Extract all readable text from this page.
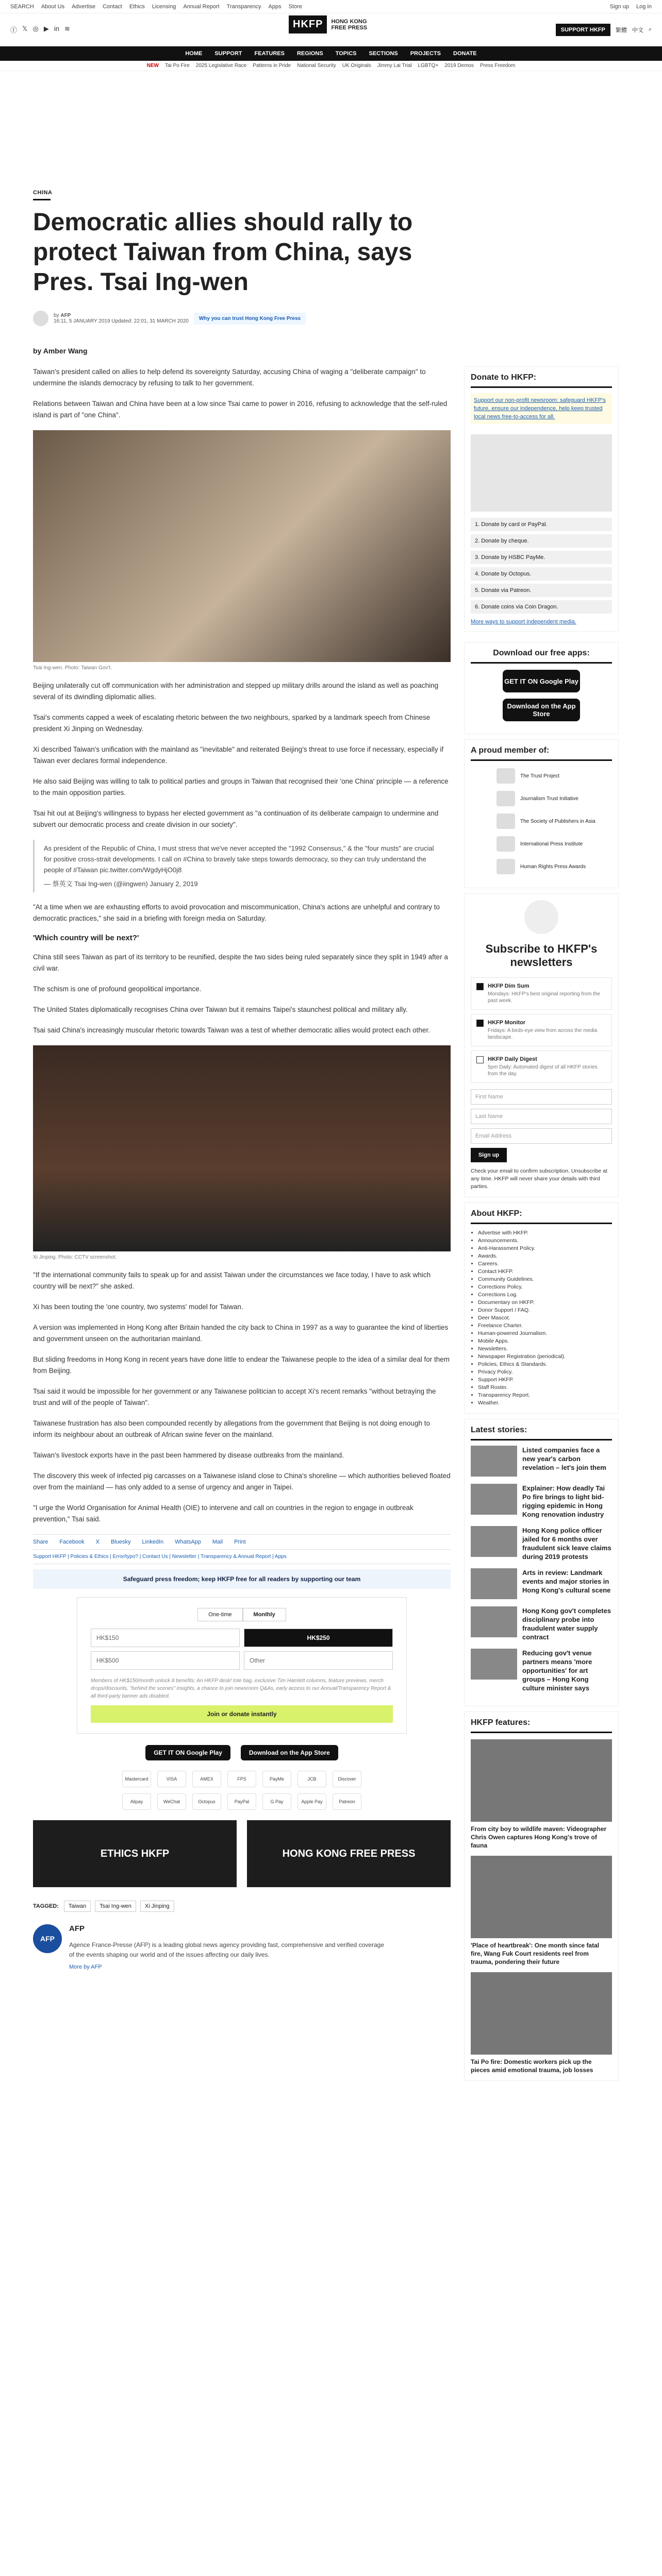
SEARCH About Us Advertise Contact Ethics Licensing Annual Report Transparency Apps Store	Sign up Log in
ⓕ 𝕏 ◎ ▶ in ≋	HKFP	HONG KONG
FREE PRESS	SUPPORT HKFP	繁體 中文 ⌕
HOME SUPPORT FEATURES REGIONS TOPICS SECTIONS PROJECTS DONATE
NEW Tai Po Fire 2025 Legislative Race Patterns in Pride National Security UK Originals Jimmy Lai Trial LGBTQ+ 2019 Demos Press Freedom
CHINA
Democratic allies should rally to protect Taiwan from China, says Pres. Tsai Ing-wen
by AFP
16:11, 5 JANUARY 2019 Updated: 22:01, 31 MARCH 2020	Why you can trust Hong Kong Free Press
by Amber Wang

Taiwan's president called on allies to help defend its sovereignty Saturday, accusing China of waging a "deliberate campaign" to undermine the islands democracy by refusing to talk to her government.

Relations between Taiwan and China have been at a low since Tsai came to power in 2016, refusing to acknowledge that the self-ruled island is part of "one China".

Tsai Ing-wen. Photo: Taiwan Gov't.

Beijing unilaterally cut off communication with her administration and stepped up military drills around the island as well as poaching several of its dwindling diplomatic allies.

Tsai's comments capped a week of escalating rhetoric between the two neighbours, sparked by a landmark speech from Chinese president Xi Jinping on Wednesday.

Xi described Taiwan's unification with the mainland as "inevitable" and reiterated Beijing's threat to use force if necessary, especially if Taiwan ever declares formal independence.

He also said Beijing was willing to talk to political parties and groups in Taiwan that recognised their 'one China' principle — a reference to the main opposition parties.

Tsai hit out at Beijing's willingness to bypass her elected government as "a continuation of its deliberate campaign to undermine and subvert our democratic process and create division in our society".

As president of the Republic of China, I must stress that we've never accepted the "1992 Consensus," & the "four musts" are crucial for positive cross-strait developments. I call on #China to bravely take steps towards democracy, so they can truly understand the people of #Taiwan pic.twitter.com/WgdyHjO0j8
— 蔡英文 Tsai Ing-wen (@iingwen) January 2, 2019

"At a time when we are exhausting efforts to avoid provocation and miscommunication, China's actions are unhelpful and contrary to democratic practices," she said in a briefing with foreign media on Saturday.

'Which country will be next?'

China still sees Taiwan as part of its territory to be reunified, despite the two sides being ruled separately since they split in 1949 after a civil war.

The schism is one of profound geopolitical importance.

The United States diplomatically recognises China over Taiwan but it remains Taipei's staunchest political and military ally.

Tsai said China's increasingly muscular rhetoric towards Taiwan was a test of whether democratic allies would protect each other.

Xi Jinping. Photo: CCTV screenshot.

"If the international community fails to speak up for and assist Taiwan under the circumstances we face today, I have to ask which country will be next?" she asked.

Xi has been touting the 'one country, two systems' model for Taiwan.

A version was implemented in Hong Kong after Britain handed the city back to China in 1997 as a way to guarantee the kind of liberties and government unseen on the authoritarian mainland.

But sliding freedoms in Hong Kong in recent years have done little to endear the Taiwanese people to the idea of a similar deal for them from Beijing.

Tsai said it would be impossible for her government or any Taiwanese politician to accept Xi's recent remarks "without betraying the trust and will of the people of Taiwan".

Taiwanese frustration has also been compounded recently by allegations from the government that Beijing is not doing enough to inform its neighbour about an outbreak of African swine fever on the mainland.

Taiwan's livestock exports have in the past been hammered by disease outbreaks from the mainland.

The discovery this week of infected pig carcasses on a Taiwanese island close to China's shoreline — which authorities believed floated over from the mainland — has only added to a sense of urgency and anger in Taipei.

"I urge the World Organisation for Animal Health (OIE) to intervene and call on countries in the region to engage in outbreak prevention," Tsai said.

Share Facebook X Bluesky LinkedIn WhatsApp Mail Print
Support HKFP | Policies & Ethics | Error/typo? | Contact Us | Newsletter | Transparency & Annual Report | Apps
Safeguard press freedom; keep HKFP free for all readers by supporting our team
One-time	Monthly
HK$150	HK$250
HK$500	Other
Members of HK$150/month unlock 8 benefits: An HKFP desk! tote bag, exclusive Tim Hamlett columns, feature previews, merch drops/discounts, "behind the scenes" insights, a chance to join newsroom Q&As, early access to our Annual/Transparency Report & all third-party banner ads disabled.
Join or donate instantly
GET IT ON Google Play	Download on the App Store
Mastercard	VISA	AMEX	FPS	PayMe	JCB	Discover
Alipay	WeChat	Octopus	PayPal	G Pay	Apple Pay	Patreon
ETHICS HKFP	HONG KONG FREE PRESS
TAGGED:	Taiwan	Tsai Ing-wen	Xi Jinping
AFP
AFP
Agence France-Presse (AFP) is a leading global news agency providing fast, comprehensive and verified coverage of the events shaping our world and of the issues affecting our daily lives.
More by AFP
Donate to HKFP:
Support our non-profit newsroom: safeguard HKFP's future, ensure our independence, help keep trusted local news free-to-access for all.
1. Donate by card or PayPal.
2. Donate by cheque.
3. Donate by HSBC PayMe.
4. Donate by Octopus.
5. Donate via Patreon.
6. Donate coins via Coin Dragon.
More ways to support independent media.
Download our free apps:
GET IT ON Google Play
Download on the App Store
A proud member of:
The Trust Project
Journalism Trust Initiative
The Society of Publishers in Asia
International Press Institute
Human Rights Press Awards
Subscribe to HKFP's newsletters
HKFP Dim Sum

Mondays: HKFP's best original reporting from the past week.

HKFP Monitor

Fridays: A birds-eye view from across the media landscape.

HKFP Daily Digest

5pm Daily: Automated digest of all HKFP stories from the day.

First Name
Last Name
Email Address
Sign up
Check your email to confirm subscription. Unsubscribe at any time. HKFP will never share your details with third parties.
About HKFP:
• Advertise with HKFP.
• Announcements.
• Anti-Harassment Policy.
• Awards.
• Careers.
• Contact HKFP.
• Community Guidelines.
• Corrections Policy.
• Corrections Log.
• Documentary on HKFP.
• Donor Support / FAQ.
• Deer Mascot.
• Freelance Charter.
• Human-powered Journalism.
• Mobile Apps.
• Newsletters.
• Newspaper Registration (periodical).
• Policies, Ethics & Standards.
• Privacy Policy.
• Support HKFP.
• Staff Roster.
• Transparency Report.
• Weather.
Latest stories:
Listed companies face a new year's carbon revelation – let's join them
Explainer: How deadly Tai Po fire brings to light bid-rigging epidemic in Hong Kong renovation industry
Hong Kong police officer jailed for 6 months over fraudulent sick leave claims during 2019 protests
Arts in review: Landmark events and major stories in Hong Kong's cultural scene
Hong Kong gov't completes disciplinary probe into fraudulent water supply contract
Reducing gov't venue partners means 'more opportunities' for art groups – Hong Kong culture minister says
HKFP features:
From city boy to wildlife maven: Videographer Chris Owen captures Hong Kong's trove of fauna
'Place of heartbreak': One month since fatal fire, Wang Fuk Court residents reel from trauma, pondering their future
Tai Po fire: Domestic workers pick up the pieces amid emotional trauma, job losses
